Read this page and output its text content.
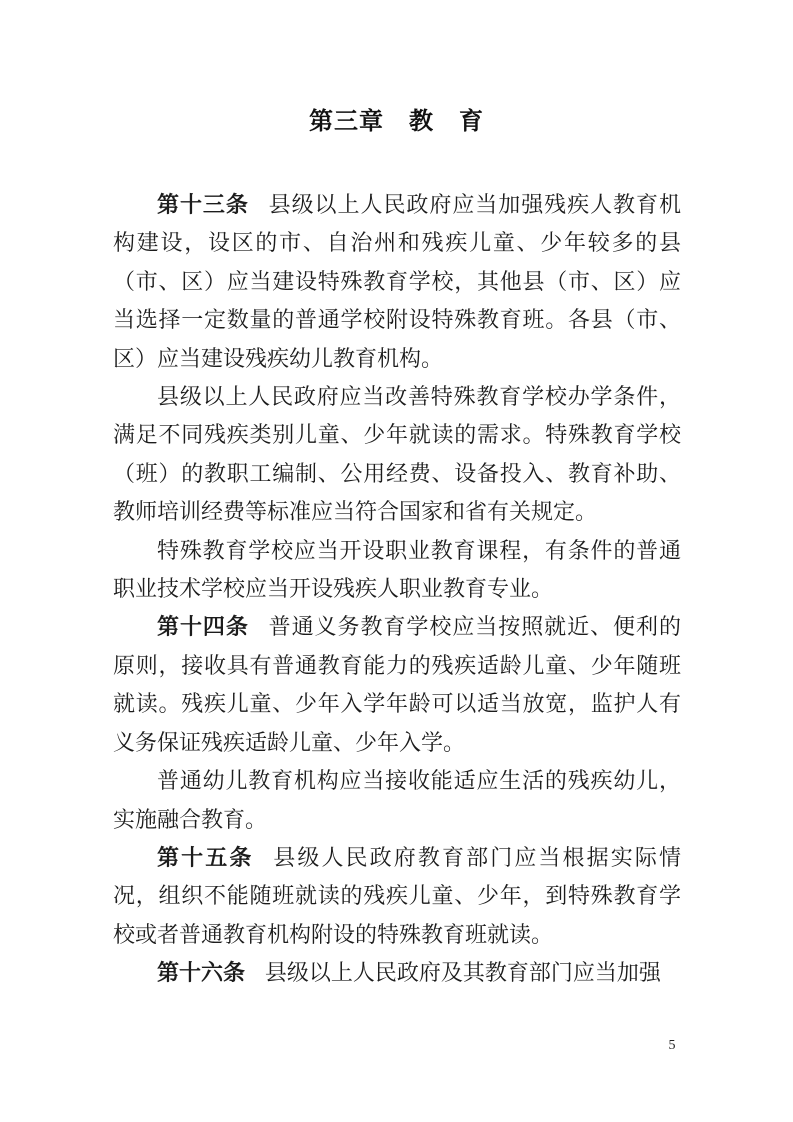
第三章　教　育

第十三条 县级以上人民政府应当加强残疾人教育机构建设，设区的市、自治州和残疾儿童、少年较多的县（市、区）应当建设特殊教育学校，其他县（市、区）应当选择一定数量的普通学校附设特殊教育班。各县（市、区）应当建设残疾幼儿教育机构。

县级以上人民政府应当改善特殊教育学校办学条件，满足不同残疾类别儿童、少年就读的需求。特殊教育学校（班）的教职工编制、公用经费、设备投入、教育补助、教师培训经费等标准应当符合国家和省有关规定。

特殊教育学校应当开设职业教育课程，有条件的普通职业技术学校应当开设残疾人职业教育专业。

第十四条 普通义务教育学校应当按照就近、便利的原则，接收具有普通教育能力的残疾适龄儿童、少年随班就读。残疾儿童、少年入学年龄可以适当放宽，监护人有义务保证残疾适龄儿童、少年入学。

普通幼儿教育机构应当接收能适应生活的残疾幼儿，实施融合教育。

第十五条 县级人民政府教育部门应当根据实际情况，组织不能随班就读的残疾儿童、少年，到特殊教育学校或者普通教育机构附设的特殊教育班就读。

第十六条 县级以上人民政府及其教育部门应当加强

5
